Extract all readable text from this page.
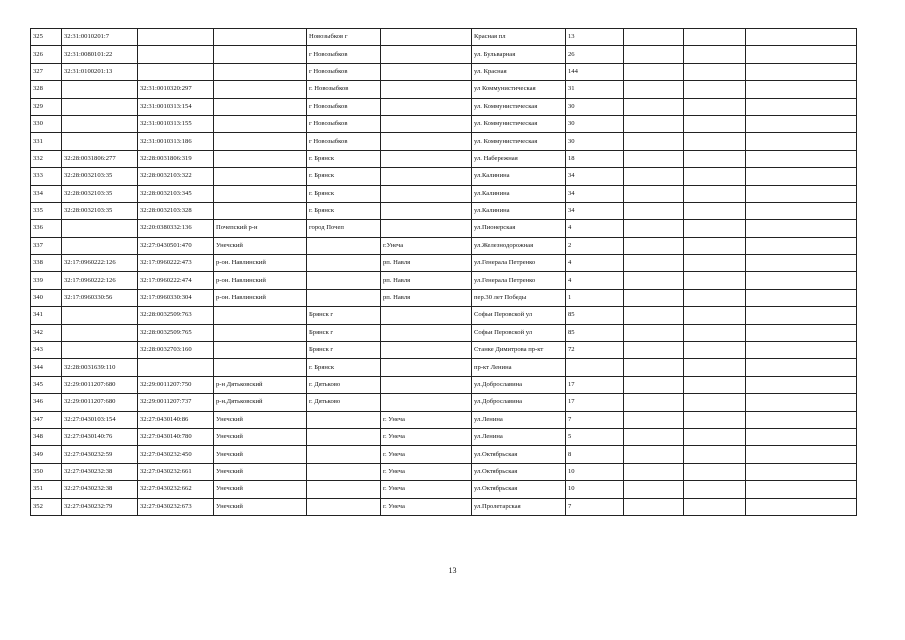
325	32:31:0010201:7			Новозыбков г		Красная пл	13			
326	32:31:0080101:22			г Новозыбков		ул. Бульварная	26			
327	32:31:0100201:13			г Новозыбков		ул. Красная	144			
328		32:31:0010320:297		г. Новозыбков		ул Коммунистическая	31			
329		32:31:0010313:154		г Новозыбков		ул. Коммунистическая	30			
330		32:31:0010313:155		г Новозыбков		ул. Коммунистическая	30			
331		32:31:0010313:186		г Новозыбков		ул. Коммунистическая	30			
332	32:28:0031806:277	32:28:0031806:319		г. Брянск		ул. Набережная	18			
333	32:28:0032103:35	32:28:0032103:322		г. Брянск		ул.Калинина	34			
334	32:28:0032103:35	32:28:0032103:345		г. Брянск		ул.Калинина	34			
335	32:28:0032103:35	32:28:0032103:328		г. Брянск		ул.Калинина	34			
336		32:20:0380332:136	Почепский р-н	город Почеп		ул.Пионерская	4			
337		32:27:0430501:470	Унечский		г.Унеча	ул.Железнодорожная	2			
338	32:17:0960222:126	32:17:0960222:473	р-он. Навлинский		рп. Навля	ул.Генерала Петренко	4			
339	32:17:0960222:126	32:17:0960222:474	р-он. Навлинский		рп. Навля	ул.Генерала Петренко	4			
340	32:17:0960330:56	32:17:0960330:304	р-он. Навлинский		рп. Навля	пер.30 лет Победы	1			
341		32:28:0032509:763		Брянск г		Софьи Перовской ул	85			
342		32:28:0032509:765		Брянск г		Софьи Перовской ул	85			
343		32:28:0032703:160		Брянск г		Станке Димитрова пр-кт	72			
344	32:28:0031639:110			г. Брянск		пр-кт Ленина				
345	32:29:0011207:680	32:29:0011207:750	р-н Дятьковский	г. Дятьково		ул.Доброславина	17			
346	32:29:0011207:680	32:29:0011207:737	р-н.Дятьковский	г. Дятьково		ул.Доброславина	17			
347	32:27:0430103:154	32:27:0430140:86	Унечский		г. Унеча	ул.Ленина	7			
348	32:27:0430140:76	32:27:0430140:780	Унечский		г. Унеча	ул.Ленина	5			
349	32:27:0430232:59	32:27:0430232:450	Унечский		г. Унеча	ул.Октябрьская	8			
350	32:27:0430232:38	32:27:0430232:661	Унечский		г. Унеча	ул.Октябрьская	10			
351	32:27:0430232:38	32:27:0430232:662	Унечский		г. Унеча	ул.Октябрьская	10			
352	32:27:0430232:79	32:27:0430232:673	Унечский		г. Унеча	ул.Пролетарская	7			
13
